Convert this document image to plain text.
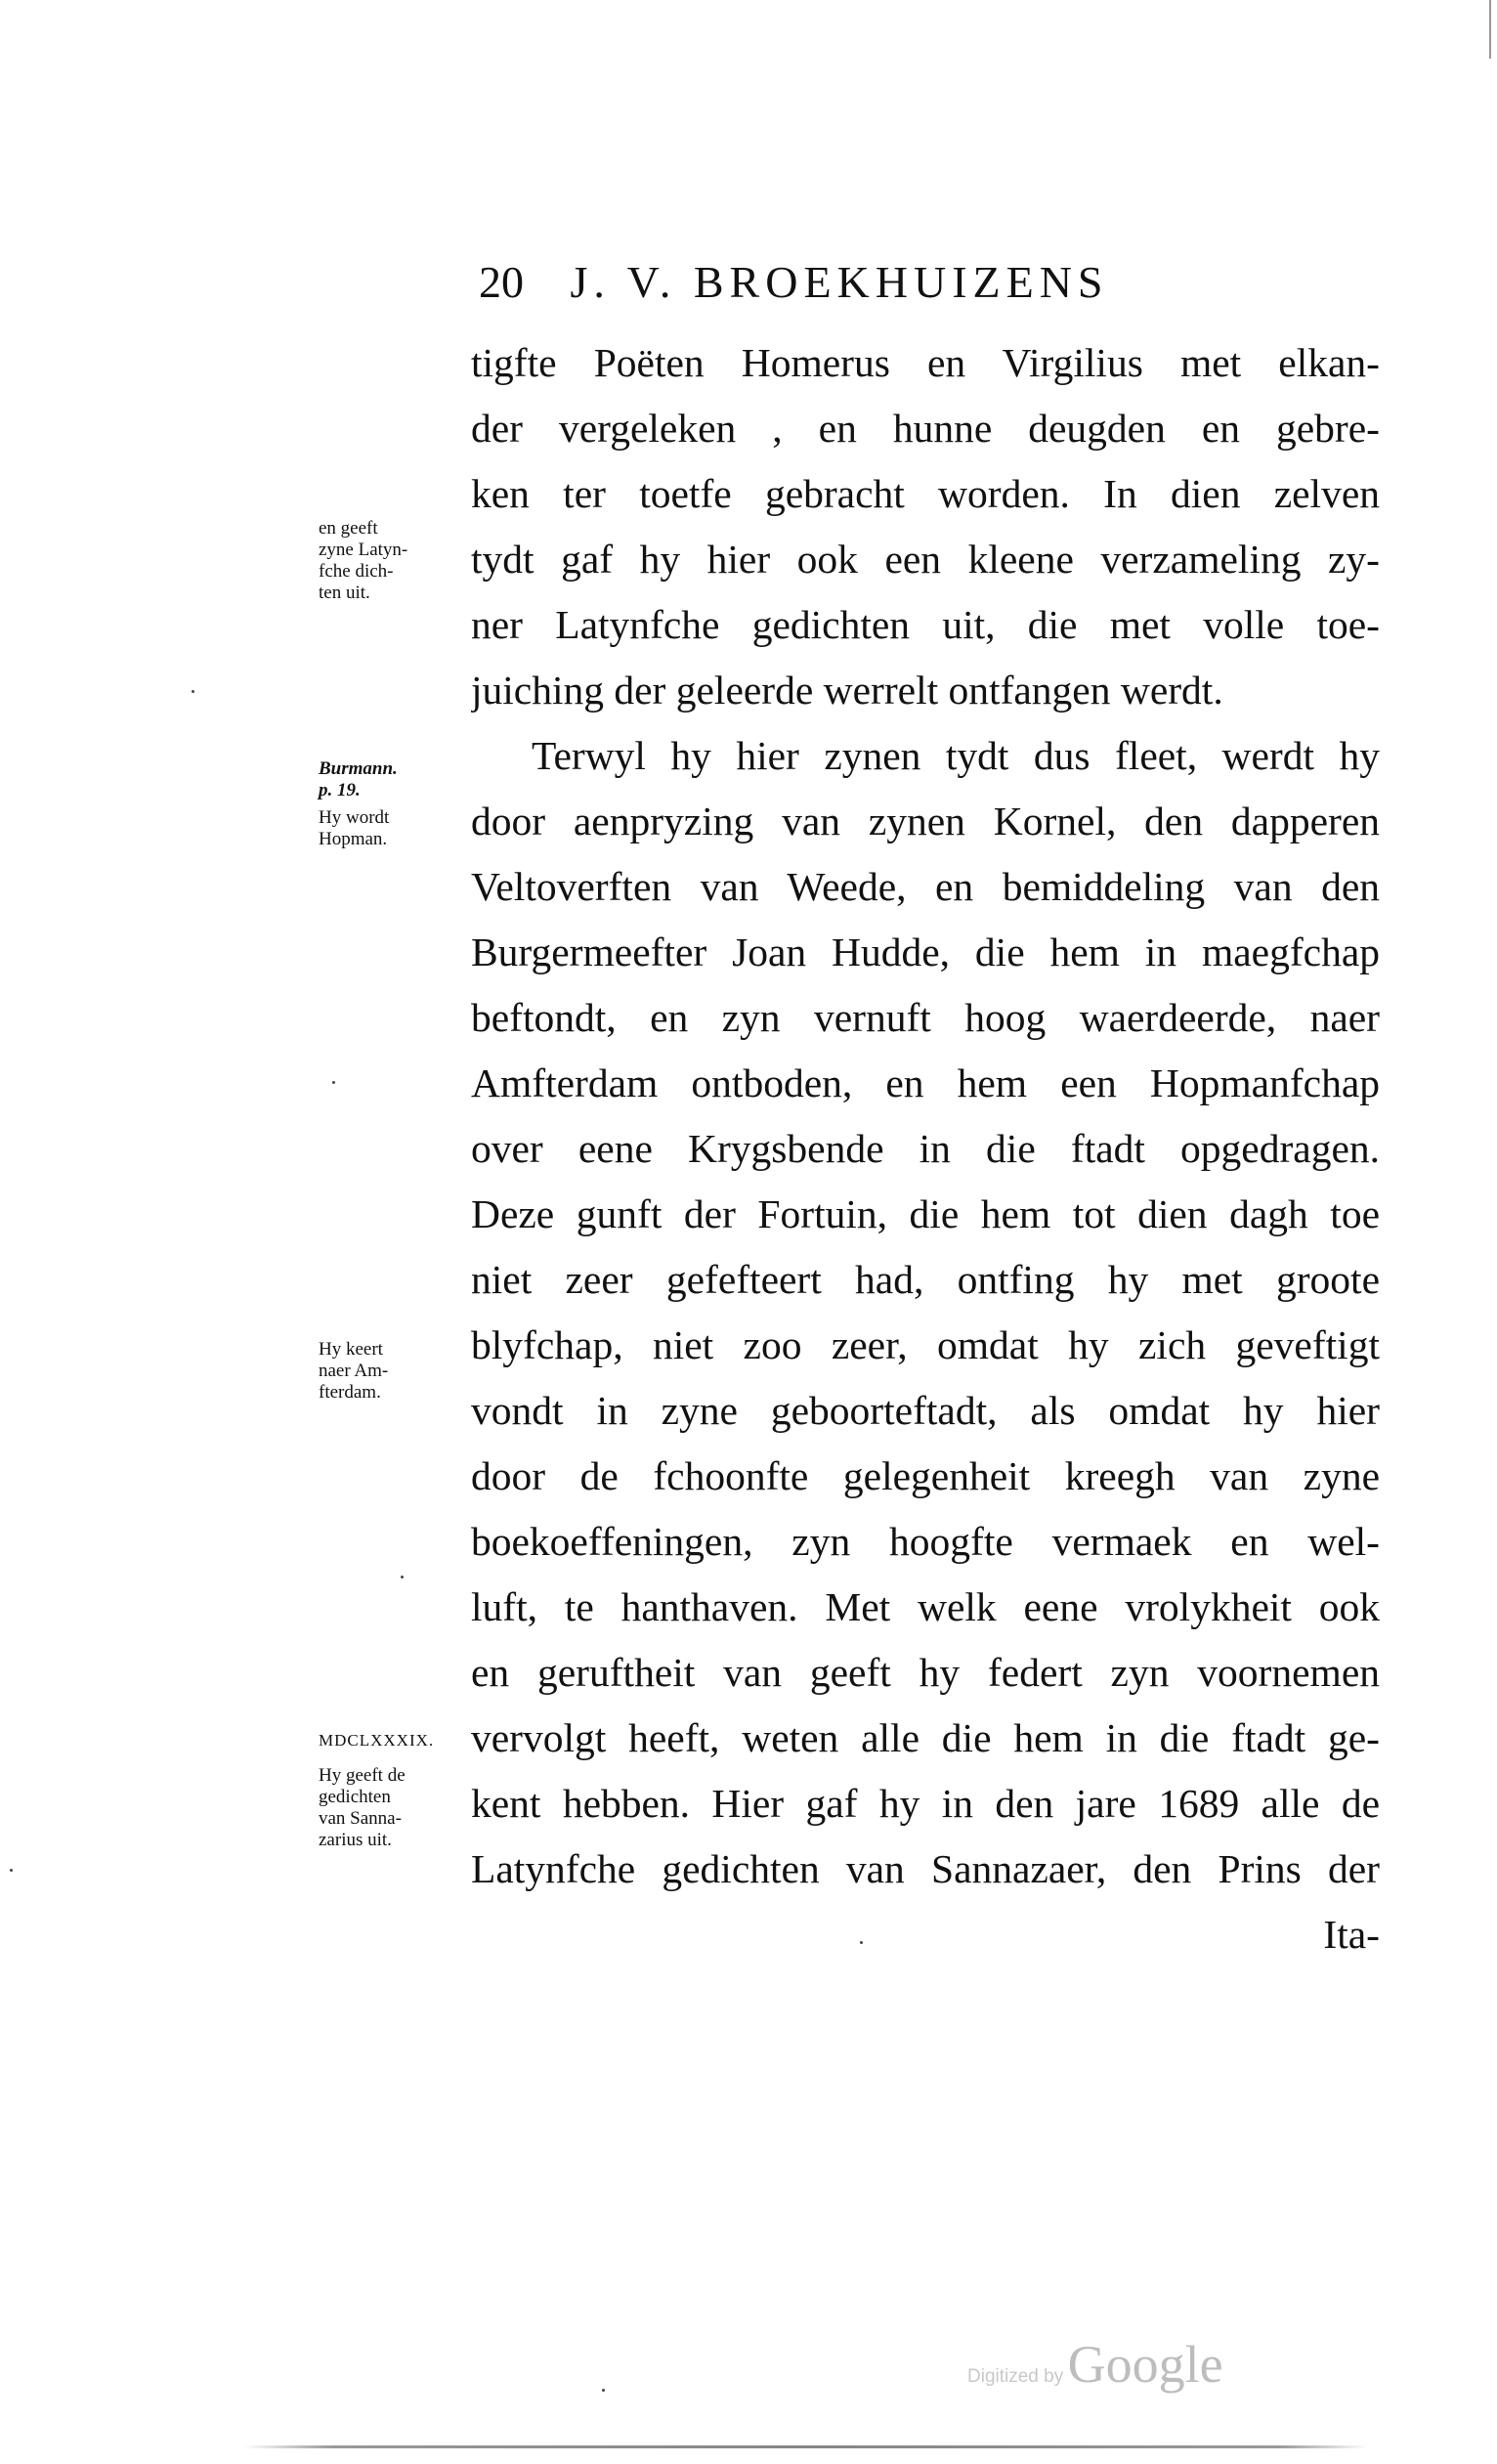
20 J. V. BROEKHUIZENS
en geeft
zyne Latyn-
fche dich-
ten uit.
Burmann.
p. 19.
Hy wordt
Hopman.
Hy keert
naer Am-
fterdam.
MDCLXXXIX.
Hy geeft de
gedichten
van Sanna-
zarius uit.
tigfte Poëten Homerus en Virgilius met elkan-
der vergeleken , en hunne deugden en gebre-
ken ter toetfe gebracht worden. In dien zelven
tydt gaf hy hier ook een kleene verzameling zy-
ner Latynfche gedichten uit, die met volle toe-
juiching der geleerde werrelt ontfangen werdt.
Terwyl hy hier zynen tydt dus fleet, werdt hy
door aenpryzing van zynen Kornel, den dapperen
Veltoverften van Weede, en bemiddeling van den
Burgermeefter Joan Hudde, die hem in maegfchap
beftondt, en zyn vernuft hoog waerdeerde, naer
Amfterdam ontboden, en hem een Hopmanfchap
over eene Krygsbende in die ftadt opgedragen.
Deze gunft der Fortuin, die hem tot dien dagh toe
niet zeer gefefteert had, ontfing hy met groote
blyfchap, niet zoo zeer, omdat hy zich geveftigt
vondt in zyne geboorteftadt, als omdat hy hier
door de fchoonfte gelegenheit kreegh van zyne
boekoeffeningen, zyn hoogfte vermaek en wel-
luft, te hanthaven. Met welk eene vrolykheit ook
en geruftheit van geeft hy federt zyn voornemen
vervolgt heeft, weten alle die hem in die ftadt ge-
kent hebben. Hier gaf hy in den jare 1689 alle de
Latynfche gedichten van Sannazaer, den Prins der
Ita-
Digitized by Google
